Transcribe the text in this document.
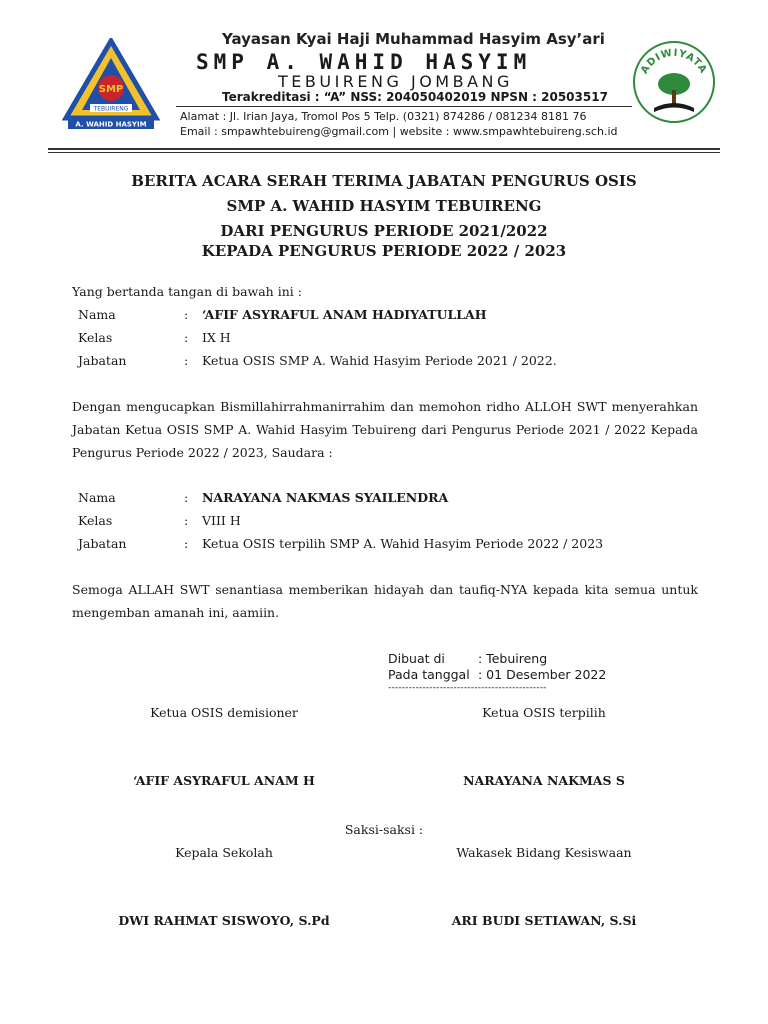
SMP
TEBUIRENG
A. WAHID HASYIM
Yayasan Kyai Haji Muhammad Hasyim Asy’ari
SMP A. WAHID HASYIM
TEBUIRENG JOMBANG
Terakreditasi : “A” NSS: 204050402019 NPSN : 20503517
Alamat : Jl. Irian Jaya, Tromol Pos 5 Telp. (0321) 874286 / 081234 8181 76
Email : smpawhtebuireng@gmail.com | website : www.smpawhtebuireng.sch.id
ADIWIYATA
BERITA ACARA SERAH TERIMA JABATAN PENGURUS OSIS
SMP A. WAHID HASYIM TEBUIRENG
DARI PENGURUS PERIODE 2021/2022
KEPADA PENGURUS PERIODE 2022 / 2023
Yang bertanda tangan di bawah ini :
Nama	: ‘AFIF ASYRAFUL ANAM HADIYATULLAH
Kelas	: IX H
Jabatan	: Ketua OSIS SMP A. Wahid Hasyim Periode 2021 / 2022.
Dengan mengucapkan Bismillahirrahmanirrahim dan memohon ridho ALLOH SWT menyerahkan Jabatan Ketua OSIS SMP A. Wahid Hasyim Tebuireng dari Pengurus Periode 2021 / 2022 Kepada Pengurus Periode 2022 / 2023, Saudara :
Nama	: NARAYANA NAKMAS SYAILENDRA
Kelas	: VIII H
Jabatan	: Ketua OSIS terpilih SMP A. Wahid Hasyim Periode 2022 / 2023
Semoga ALLAH SWT senantiasa memberikan hidayah dan taufiq-NYA kepada kita semua untuk mengemban amanah ini, aamiin.
Dibuat di	: Tebuireng
Pada tanggal : 01 Desember 2022
----------------------------------------------
Ketua OSIS demisioner	Ketua OSIS terpilih
‘AFIF ASYRAFUL ANAM H	NARAYANA NAKMAS S
Saksi-saksi :
Kepala Sekolah	Wakasek Bidang Kesiswaan
DWI RAHMAT SISWOYO, S.Pd	ARI BUDI SETIAWAN, S.Si
